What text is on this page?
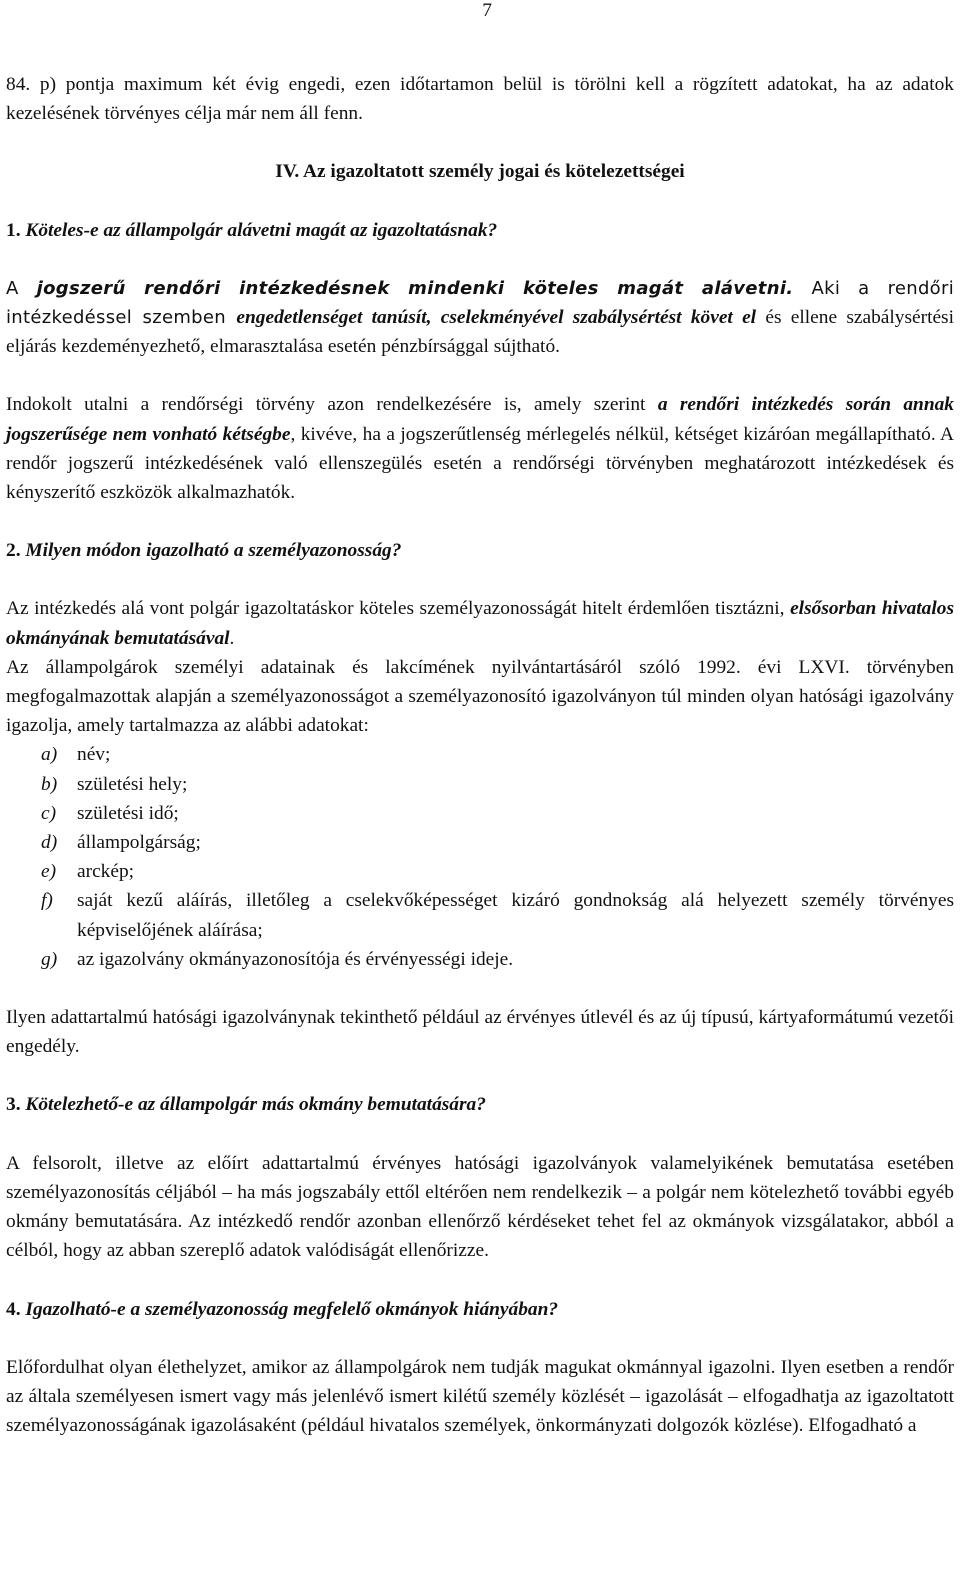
7

84. p) pontja maximum két évig engedi, ezen időtartamon belül is törölni kell a rögzített adatokat, ha az adatok kezelésének törvényes célja már nem áll fenn.

IV. Az igazoltatott személy jogai és kötelezettségei
1. Köteles-e az állampolgár alávetni magát az igazoltatásnak?

A jogszerű rendőri intézkedésnek mindenki köteles magát alávetni. Aki a rendőri intézkedéssel szemben engedetlenséget tanúsít, cselekményével szabálysértést követ el és ellene szabálysértési eljárás kezdeményezhető, elmarasztalása esetén pénzbírsággal sújtható.

Indokolt utalni a rendőrségi törvény azon rendelkezésére is, amely szerint a rendőri intézkedés során annak jogszerűsége nem vonható kétségbe, kivéve, ha a jogszerűtlenség mérlegelés nélkül, kétséget kizáróan megállapítható. A rendőr jogszerű intézkedésének való ellenszegülés esetén a rendőrségi törvényben meghatározott intézkedések és kényszerítő eszközök alkalmazhatók.

2. Milyen módon igazolható a személyazonosság?

Az intézkedés alá vont polgár igazoltatáskor köteles személyazonosságát hitelt érdemlően tisztázni, elsősorban hivatalos okmányának bemutatásával.

Az állampolgárok személyi adatainak és lakcímének nyilvántartásáról szóló 1992. évi LXVI. törvényben megfogalmazottak alapján a személyazonosságot a személyazonosító igazolványon túl minden olyan hatósági igazolvány igazolja, amely tartalmazza az alábbi adatokat:

a) név;
b) születési hely;
c) születési idő;
d) állampolgárság;
e) arckép;
f) saját kezű aláírás, illetőleg a cselekvőképességet kizáró gondnokság alá helyezett személy törvényes képviselőjének aláírása;
g) az igazolvány okmányazonosítója és érvényességi ideje.

Ilyen adattartalmú hatósági igazolványnak tekinthető például az érvényes útlevél és az új típusú, kártyaformátumú vezetői engedély.

3. Kötelezhető-e az állampolgár más okmány bemutatására?

A felsorolt, illetve az előírt adattartalmú érvényes hatósági igazolványok valamelyikének bemutatása esetében személyazonosítás céljából – ha más jogszabály ettől eltérően nem rendelkezik – a polgár nem kötelezhető további egyéb okmány bemutatására. Az intézkedő rendőr azonban ellenőrző kérdéseket tehet fel az okmányok vizsgálatakor, abból a célból, hogy az abban szereplő adatok valódiságát ellenőrizze.

4. Igazolható-e a személyazonosság megfelelő okmányok hiányában?

Előfordulhat olyan élethelyzet, amikor az állampolgárok nem tudják magukat okmánnyal igazolni. Ilyen esetben a rendőr az általa személyesen ismert vagy más jelenlévő ismert kilétű személy közlését – igazolását – elfogadhatja az igazoltatott személyazonosságának igazolásaként (például hivatalos személyek, önkormányzati dolgozók közlése). Elfogadható a
